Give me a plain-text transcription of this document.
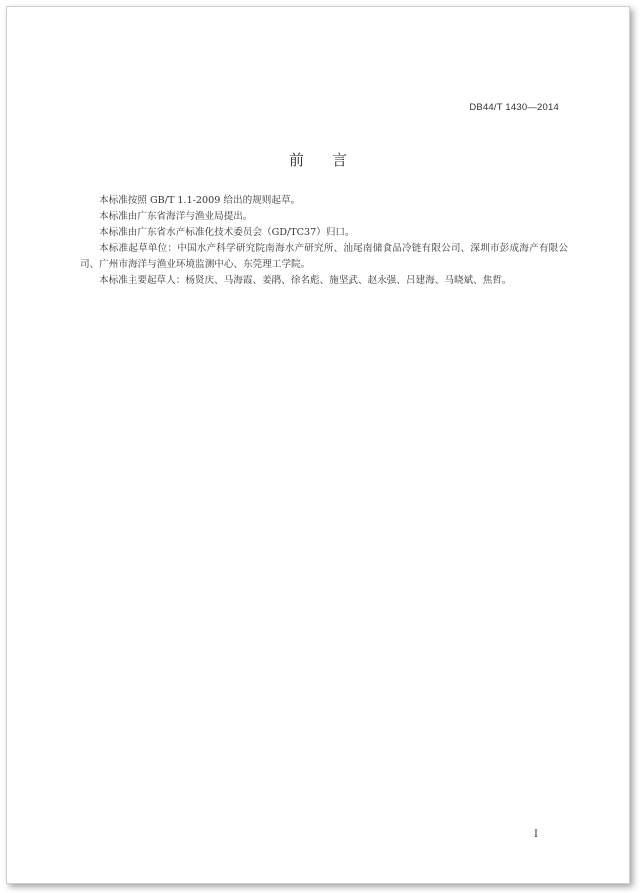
DB44/T 1430—2014
前言

本标准按照 GB/T 1.1-2009 给出的规则起草。

本标准由广东省海洋与渔业局提出。

本标准由广东省水产标准化技术委员会（GD/TC37）归口。

本标准起草单位：中国水产科学研究院南海水产研究所、汕尾南储食品冷链有限公司、深圳市彭成海产有限公司、广州市海洋与渔业环境监测中心、东莞理工学院。

本标准主要起草人：杨贤庆、马海霞、姜鹃、徐名彪、施坚武、赵永强、吕建海、马晓斌、焦哲。

I
